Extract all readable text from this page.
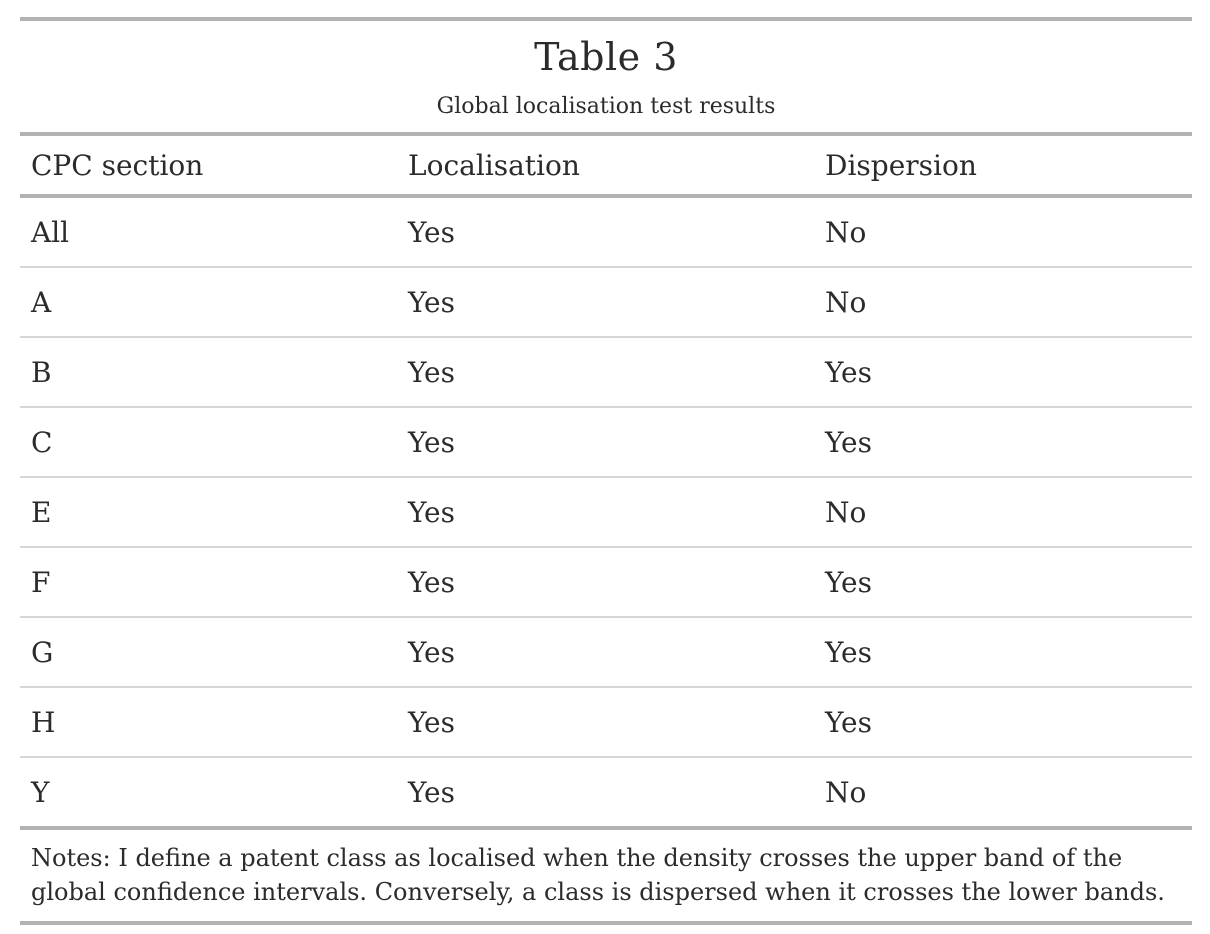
Table 3
Global localisation test results
CPC section	Localisation	Dispersion
All	Yes	No
A	Yes	No
B	Yes	Yes
C	Yes	Yes
E	Yes	No
F	Yes	Yes
G	Yes	Yes
H	Yes	Yes
Y	Yes	No
Notes: I define a patent class as localised when the density crosses the upper band of the
global confidence intervals. Conversely, a class is dispersed when it crosses the lower bands.
